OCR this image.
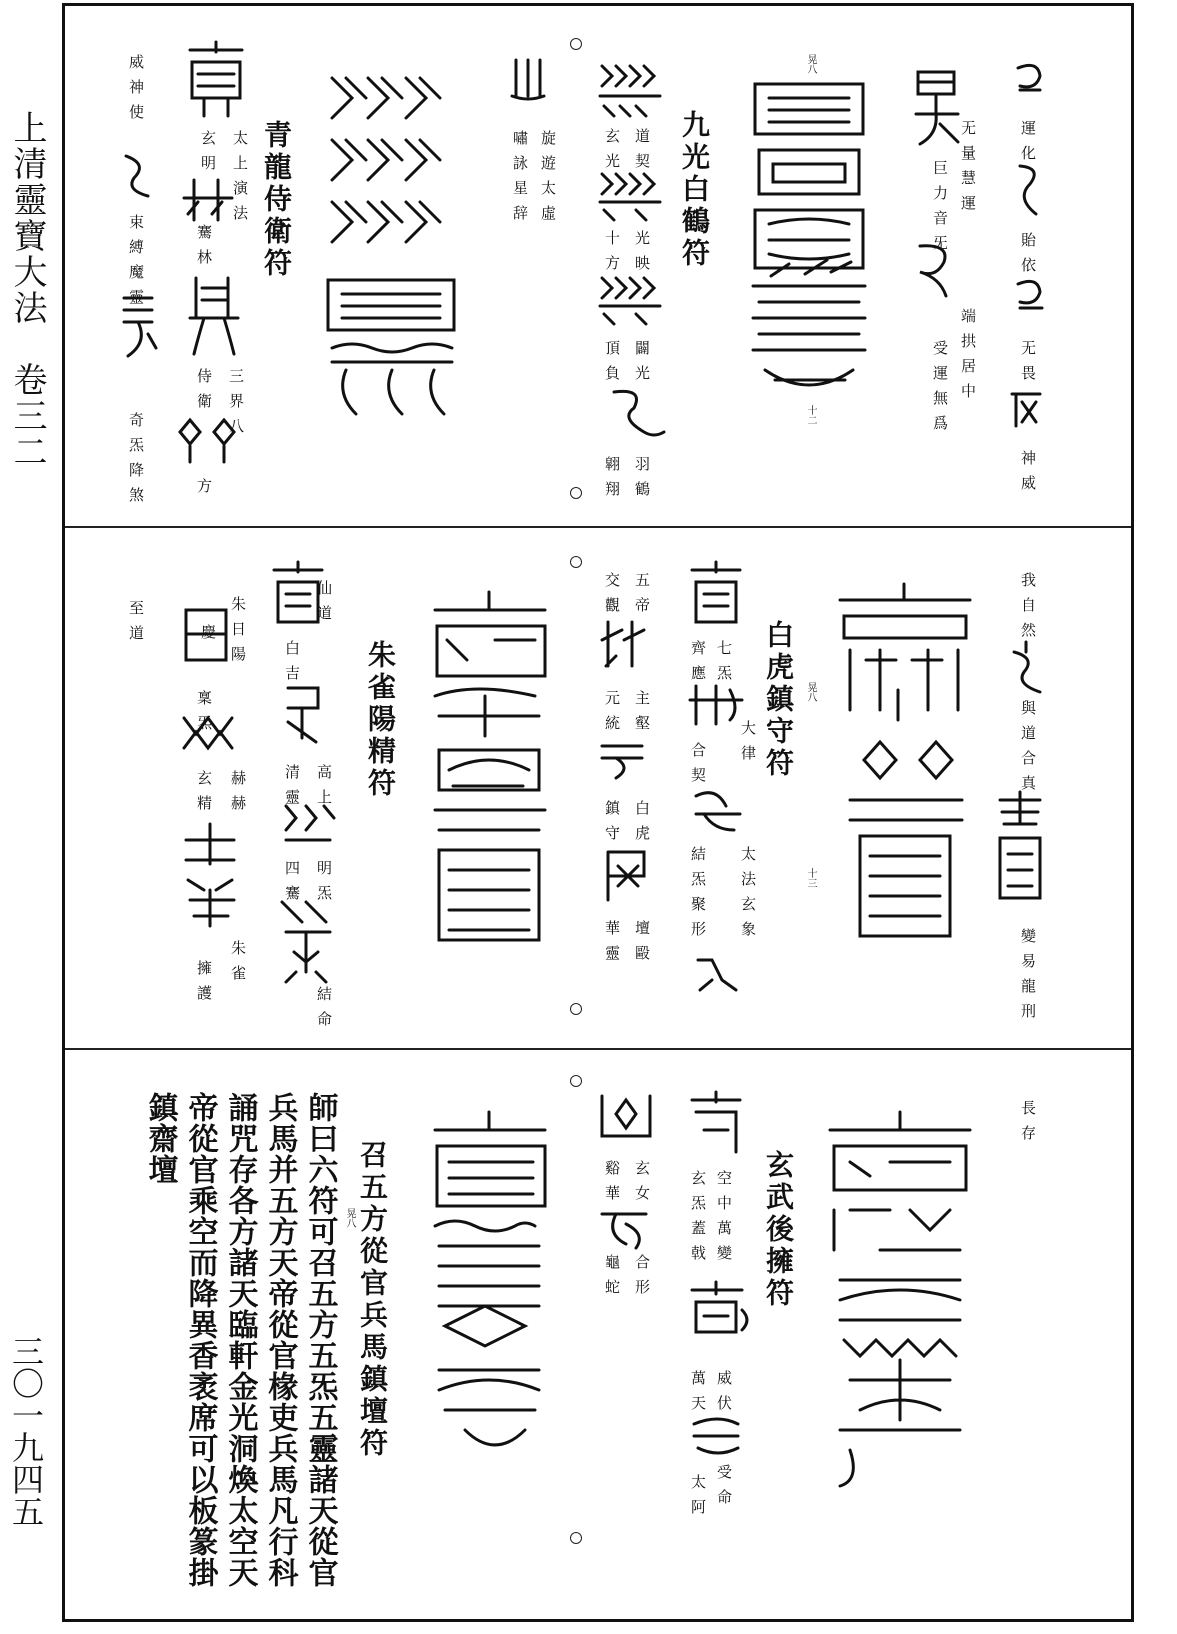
上清靈寶大法　卷三二
三〇一九四五
運化
貽依
无畏
神威
无量慧運
巨力音旡
端拱居中
受運無爲
晃八
十二
九光白鶴符
道契
玄光
十方 光映
頂負 闢光
翶翔 羽鶴
旋遊太虛
嘯詠星辞
青龍侍衛符
太上演法
玄明
騫林
三界八
侍衛
方
威神使
束縛魔靈
奇炁降煞
我自然
與道合真
變易龍刑
晃八
十三
白虎鎮守符
七炁
齊應
大律
合契
太法玄象
結炁聚形
五帝
交觀
主壑
元統
白虎
鎮守
壇毆
華靈
朱雀陽精符
仙道
白吉
高上
清靈
明炁
四騫
結命
朱日陽
慶
稟炁
赫赫
玄精
朱雀
擁護
至道
長存
玄武後擁符
空中萬變
玄炁蓋戟
威伏
萬天
受命
太阿
玄女
谿華
合形
龜蛇
召五方從官兵馬鎮壇符
晃八
師曰六符可召五方五炁五靈諸天從官
兵馬并五方天帝從官椽吏兵馬凡行科
誦咒存各方諸天臨軒金光洞煥太空天
帝從官乘空而降異香袤席可以板篆掛
鎮齋壇
